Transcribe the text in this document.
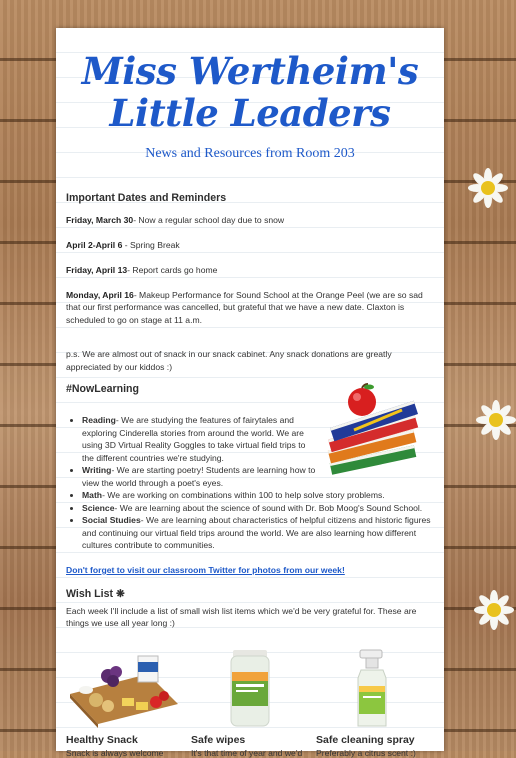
Miss Wertheim's
Little Leaders
News and Resources from Room 203
Important Dates and Reminders

Friday, March 30- Now a regular school day due to snow

April 2-April 6 - Spring Break

Friday, April 13- Report cards go home

Monday, April 16- Makeup Performance for Sound School at the Orange Peel (we are so sad that our first performance was cancelled, but grateful that we have a new date. Claxton is scheduled to go on stage at 11 a.m.

p.s. We are almost out of snack in our snack cabinet. Any snack donations are greatly appreciated by our kiddos :)
#NowLearning
• Reading- We are studying the features of fairytales and exploring Cinderella stories from around the world. We are using 3D Virtual Reality Goggles to take virtual field trips to the different countries we're studying.
• Writing- We are starting poetry! Students are learning how to view the world through a poet's eyes.
• Math- We are working on combinations within 100 to help solve story problems.
• Science- We are learning about the science of sound with Dr. Bob Moog's Sound School.
• Social Studies- We are learning about characteristics of helpful citizens and historic figures and continuing our virtual field trips around the world. We are also learning how different cultures contribute to communities.
Don't forget to visit our classroom Twitter for photos from our week!
Wish List ❋
Each week I'll include a list of small wish list items which we'd be very grateful for. These are things we use all year long :)
Healthy Snack
Snack is always welcome
Safe wipes
It's that time of year and we'd
Safe cleaning spray
Preferably a citrus scent :)
